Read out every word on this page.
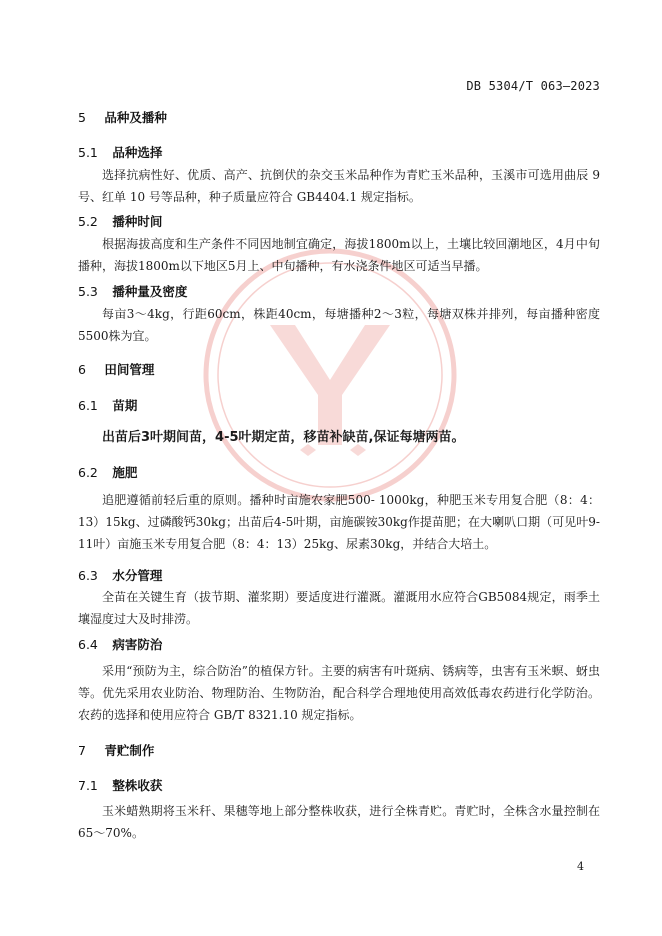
DB 5304/T 063—2023
5 品种及播种
5.1 品种选择
选择抗病性好、优质、高产、抗倒伏的杂交玉米品种作为青贮玉米品种，玉溪市可选用曲辰 9 号、红单 10 号等品种，种子质量应符合 GB4404.1 规定指标。
5.2 播种时间
根据海拔高度和生产条件不同因地制宜确定，海拔1800m以上，土壤比较回潮地区，4月中旬播种，海拔1800m以下地区5月上、中旬播种，有水浇条件地区可适当早播。
5.3 播种量及密度
每亩3～4kg，行距60cm，株距40cm，每塘播种2～3粒，每塘双株并排列，每亩播种密度5500株为宜。
6 田间管理
6.1 苗期
出苗后3叶期间苗，4-5叶期定苗，移苗补缺苗,保证每塘两苗。
6.2 施肥
追肥遵循前轻后重的原则。播种时亩施农家肥500- 1000kg，种肥玉米专用复合肥（8：4：13）15kg、过磷酸钙30kg；出苗后4-5叶期，亩施碳铵30kg作提苗肥；在大喇叭口期（可见叶9-11叶）亩施玉米专用复合肥（8：4：13）25kg、尿素30kg，并结合大培土。
6.3 水分管理
全苗在关键生育（拔节期、灌浆期）要适度进行灌溉。灌溉用水应符合GB5084规定，雨季土壤湿度过大及时排涝。
6.4 病害防治
采用“预防为主，综合防治”的植保方针。主要的病害有叶斑病、锈病等，虫害有玉米螟、蚜虫等。优先采用农业防治、物理防治、生物防治，配合科学合理地使用高效低毒农药进行化学防治。农药的选择和使用应符合 GB/T 8321.10 规定指标。
7 青贮制作
7.1 整株收获
玉米蜡熟期将玉米秆、果穗等地上部分整株收获，进行全株青贮。青贮时，全株含水量控制在65～70%。
4
